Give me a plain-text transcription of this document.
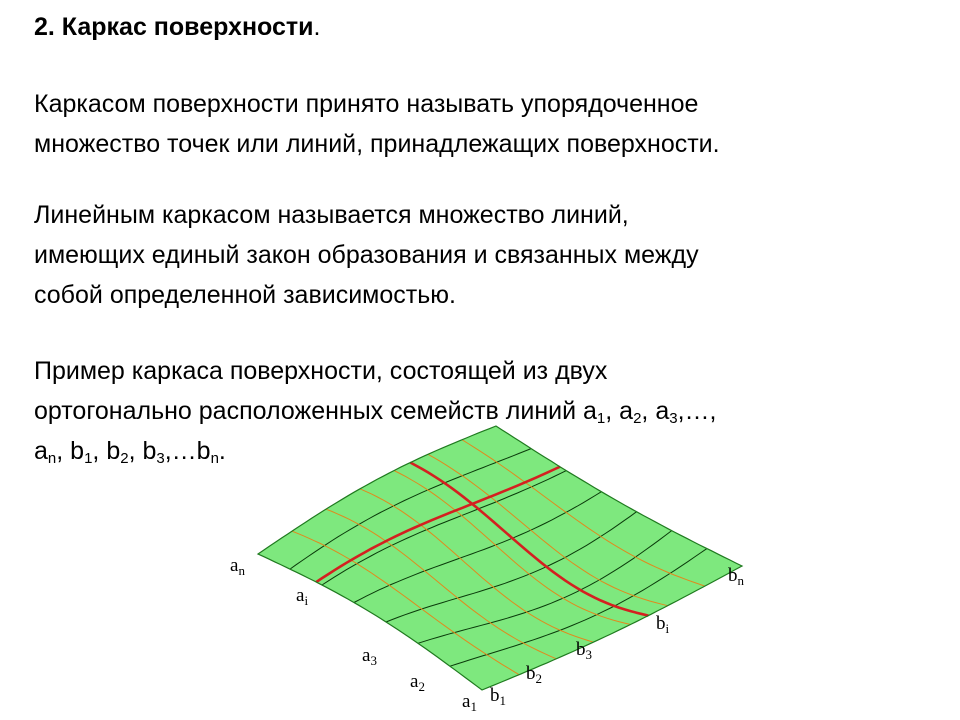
2. Каркас поверхности.

Каркасом поверхности принято называть упорядоченное
множество точек или линий, принадлежащих поверхности.

Линейным каркасом называется множество линий,
имеющих единый закон образования и связанных между
собой определенной зависимостью.

Пример каркаса поверхности, состоящей из двух
ортогонально расположенных семейств линий $a_1$, $a_2$, $a_3,\dots$,
$a_n$, $b_1$, $b_2$, $b_3,\dots b_n$.

$a_n$
$a_i$
$a_3$
$a_2$
$a_1$
$b_1$
$b_2$
$b_3$
$b_i$
$b_n$
